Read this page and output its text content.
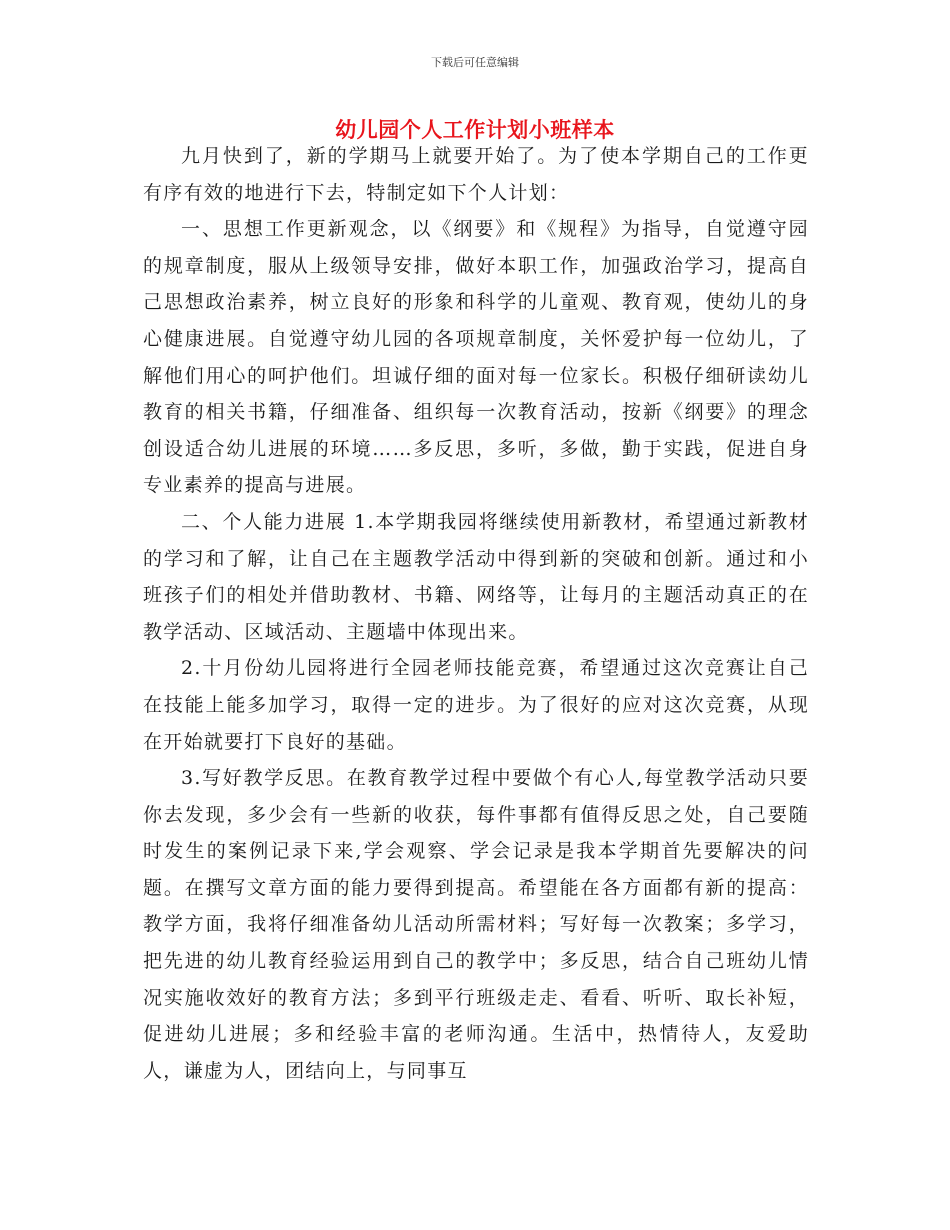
下载后可任意编辑
幼儿园个人工作计划小班样本

九月快到了，新的学期马上就要开始了。为了使本学期自己的工作更有序有效的地进行下去，特制定如下个人计划：

一、思想工作更新观念，以《纲要》和《规程》为指导，自觉遵守园的规章制度，服从上级领导安排，做好本职工作，加强政治学习，提高自己思想政治素养，树立良好的形象和科学的儿童观、教育观，使幼儿的身心健康进展。自觉遵守幼儿园的各项规章制度，关怀爱护每一位幼儿，了解他们用心的呵护他们。坦诚仔细的面对每一位家长。积极仔细研读幼儿教育的相关书籍，仔细准备、组织每一次教育活动，按新《纲要》的理念创设适合幼儿进展的环境……多反思，多听，多做，勤于实践，促进自身专业素养的提高与进展。

二、个人能力进展 1.本学期我园将继续使用新教材，希望通过新教材的学习和了解，让自己在主题教学活动中得到新的突破和创新。通过和小班孩子们的相处并借助教材、书籍、网络等，让每月的主题活动真正的在教学活动、区域活动、主题墙中体现出来。

2.十月份幼儿园将进行全园老师技能竞赛，希望通过这次竞赛让自己在技能上能多加学习，取得一定的进步。为了很好的应对这次竞赛，从现在开始就要打下良好的基础。

3.写好教学反思。在教育教学过程中要做个有心人,每堂教学活动只要你去发现，多少会有一些新的收获，每件事都有值得反思之处，自己要随时发生的案例记录下来,学会观察、学会记录是我本学期首先要解决的问题。在撰写文章方面的能力要得到提高。希望能在各方面都有新的提高：教学方面，我将仔细准备幼儿活动所需材料；写好每一次教案；多学习，把先进的幼儿教育经验运用到自己的教学中；多反思，结合自己班幼儿情况实施收效好的教育方法；多到平行班级走走、看看、听听、取长补短，促进幼儿进展；多和经验丰富的老师沟通。生活中，热情待人，友爱助人，谦虚为人，团结向上，与同事互
